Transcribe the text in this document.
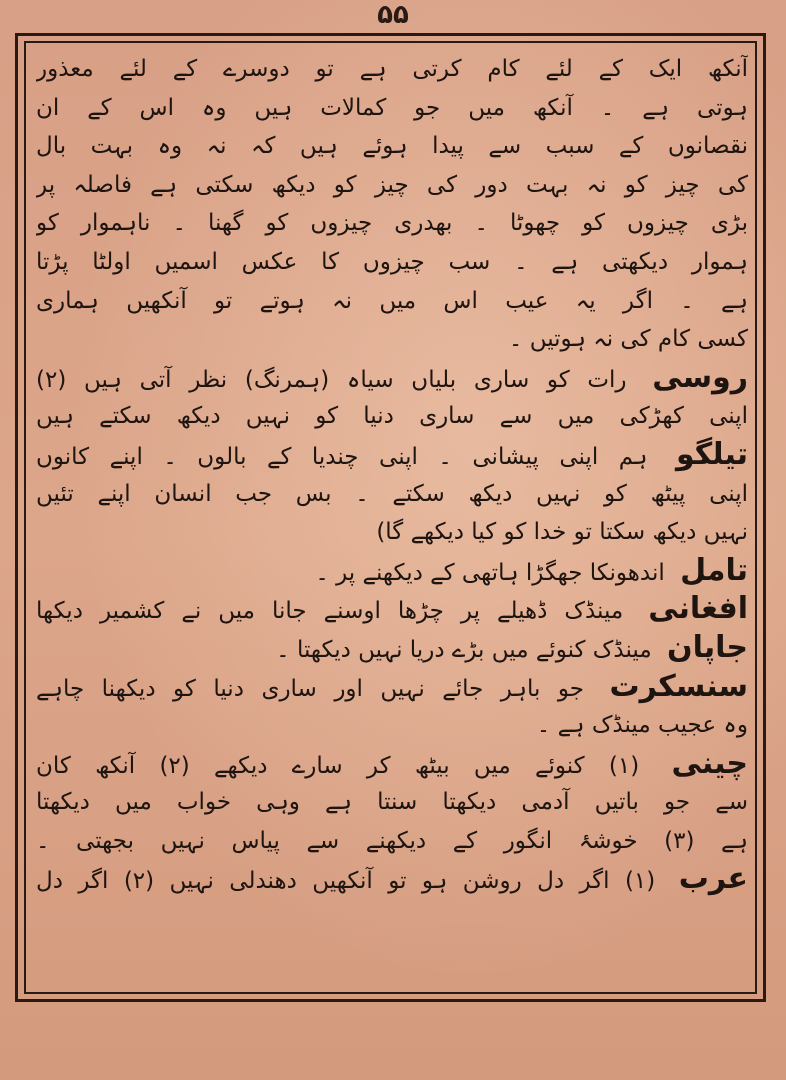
۵۵
آنکھ ایک کے لئے کام کرتی ہے تو دوسرے کے لئے معذور
ہوتی ہے ۔ آنکھ میں جو کمالات ہیں وہ اس کے ان
نقصانوں کے سبب سے پیدا ہوئے ہیں کہ نہ وہ بہت بال
کی چیز کو نہ بہت دور کی چیز کو دیکھ سکتی ہے فاصلہ پر
بڑی چیزوں کو چھوٹا ۔ بھدری چیزوں کو گھنا ۔ ناہموار کو
ہموار دیکھتی ہے ۔ سب چیزوں کا عکس اسمیں اولٹا پڑتا
ہے ۔ اگر یہ عیب اس میں نہ ہوتے تو آنکھیں ہماری
کسی کام کی نہ ہوتیں ۔
روسی رات کو ساری بلیاں سیاہ (ہمرنگ) نظر آتی ہیں (۲)
اپنی کھڑکی میں سے ساری دنیا کو نہیں دیکھ سکتے ہیں
تیلگو ہم اپنی پیشانی ۔ اپنی چندیا کے بالوں ۔ اپنے کانوں
اپنی پیٹھ کو نہیں دیکھ سکتے ۔ بس جب انسان اپنے تئیں
نہیں دیکھ سکتا تو خدا کو کیا دیکھے گا)
تامل اندھونکا جھگڑا ہاتھی کے دیکھنے پر ۔
افغانی مینڈک ڈھیلے پر چڑھا اوسنے جانا میں نے کشمیر دیکھا
جاپان مینڈک کنوئے میں بڑے دریا نہیں دیکھتا ۔
سنسکرت جو باہر جائے نہیں اور ساری دنیا کو دیکھنا چاہے
وہ عجیب مینڈک ہے ۔
چینی (۱) کنوئے میں بیٹھ کر سارے دیکھے (۲) آنکھ کان
سے جو باتیں آدمی دیکھتا سنتا ہے وہی خواب میں دیکھتا
ہے (۳) خوشۂ انگور کے دیکھنے سے پیاس نہیں بجھتی ۔
عرب (۱) اگر دل روشن ہو تو آنکھیں دھندلی نہیں (۲) اگر دل
